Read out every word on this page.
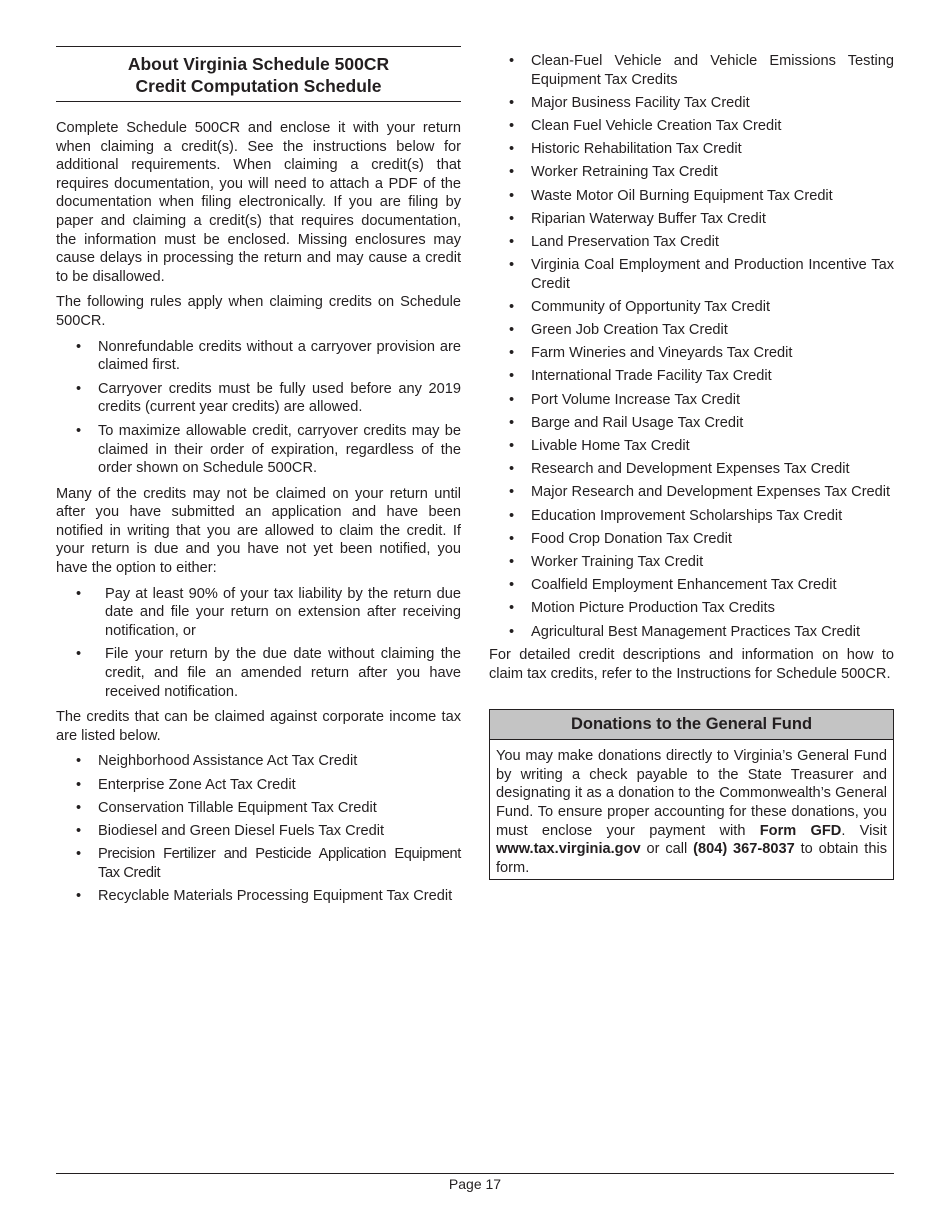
About Virginia Schedule 500CR
Credit Computation Schedule

Complete Schedule 500CR and enclose it with your return when claiming a credit(s). See the instructions below for additional requirements. When claiming a credit(s) that requires documentation, you will need to attach a PDF of the documentation when filing electronically. If you are filing by paper and claiming a credit(s) that requires documentation, the information must be enclosed. Missing enclosures may cause delays in processing the return and may cause a credit to be disallowed.

The following rules apply when claiming credits on Schedule 500CR.

• Nonrefundable credits without a carryover provision are claimed first.
• Carryover credits must be fully used before any 2019 credits (current year credits) are allowed.
• To maximize allowable credit, carryover credits may be claimed in their order of expiration, regardless of the order shown on Schedule 500CR.

Many of the credits may not be claimed on your return until after you have submitted an application and have been notified in writing that you are allowed to claim the credit. If your return is due and you have not yet been notified, you have the option to either:

• Pay at least 90% of your tax liability by the return due date and file your return on extension after receiving notification, or
• File your return by the due date without claiming the credit, and file an amended return after you have received notification.

The credits that can be claimed against corporate income tax are listed below.

• Neighborhood Assistance Act Tax Credit
• Enterprise Zone Act Tax Credit
• Conservation Tillable Equipment Tax Credit
• Biodiesel and Green Diesel Fuels Tax Credit
• Precision Fertilizer and Pesticide Application Equipment Tax Credit
• Recyclable Materials Processing Equipment Tax Credit
• Clean-Fuel Vehicle and Vehicle Emissions Testing Equipment Tax Credits
• Major Business Facility Tax Credit
• Clean Fuel Vehicle Creation Tax Credit
• Historic Rehabilitation Tax Credit
• Worker Retraining Tax Credit
• Waste Motor Oil Burning Equipment Tax Credit
• Riparian Waterway Buffer Tax Credit
• Land Preservation Tax Credit
• Virginia Coal Employment and Production Incentive Tax Credit
• Community of Opportunity Tax Credit
• Green Job Creation Tax Credit
• Farm Wineries and Vineyards Tax Credit
• International Trade Facility Tax Credit
• Port Volume Increase Tax Credit
• Barge and Rail Usage Tax Credit
• Livable Home Tax Credit
• Research and Development Expenses Tax Credit
• Major Research and Development Expenses Tax Credit
• Education Improvement Scholarships Tax Credit
• Food Crop Donation Tax Credit
• Worker Training Tax Credit
• Coalfield Employment Enhancement Tax Credit
• Motion Picture Production Tax Credits
• Agricultural Best Management Practices Tax Credit

For detailed credit descriptions and information on how to claim tax credits, refer to the Instructions for Schedule 500CR.

Donations to the General Fund
You may make donations directly to Virginia’s General Fund by writing a check payable to the State Treasurer and designating it as a donation to the Commonwealth’s General Fund. To ensure proper accounting for these donations, you must enclose your payment with Form GFD. Visit www.tax.virginia.gov or call (804) 367-8037 to obtain this form.
Page 17
